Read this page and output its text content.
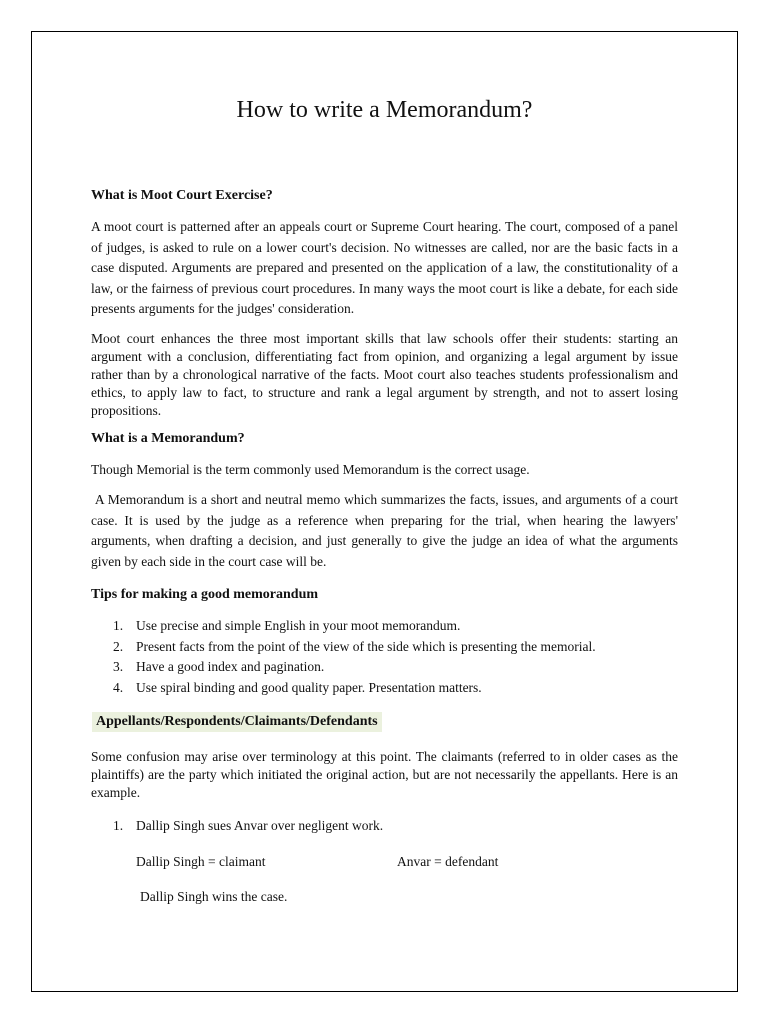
How to write a Memorandum?
What is Moot Court Exercise?

A moot court is patterned after an appeals court or Supreme Court hearing. The court, composed of a panel of judges, is asked to rule on a lower court's decision. No witnesses are called, nor are the basic facts in a case disputed. Arguments are prepared and presented on the application of a law, the constitutionality of a law, or the fairness of previous court procedures. In many ways the moot court is like a debate, for each side presents arguments for the judges' consideration.

Moot court enhances the three most important skills that law schools offer their students: starting an argument with a conclusion, differentiating fact from opinion, and organizing a legal argument by issue rather than by a chronological narrative of the facts. Moot court also teaches students professionalism and ethics, to apply law to fact, to structure and rank a legal argument by strength, and not to assert losing propositions.

What is a Memorandum?

Though Memorial is the term commonly used Memorandum is the correct usage.

A Memorandum is a short and neutral memo which summarizes the facts, issues, and arguments of a court case. It is used by the judge as a reference when preparing for the trial, when hearing the lawyers' arguments, when drafting a decision, and just generally to give the judge an idea of what the arguments given by each side in the court case will be.

Tips for making a good memorandum
1. Use precise and simple English in your moot memorandum.
2. Present facts from the point of the view of the side which is presenting the memorial.
3. Have a good index and pagination.
4. Use spiral binding and good quality paper. Presentation matters.
Appellants/Respondents/Claimants/Defendants

Some confusion may arise over terminology at this point. The claimants (referred to in older cases as the plaintiffs) are the party which initiated the original action, but are not necessarily the appellants. Here is an example.

1. Dallip Singh sues Anvar over negligent work.
Dallip Singh = claimant	Anvar = defendant
Dallip Singh wins the case.
